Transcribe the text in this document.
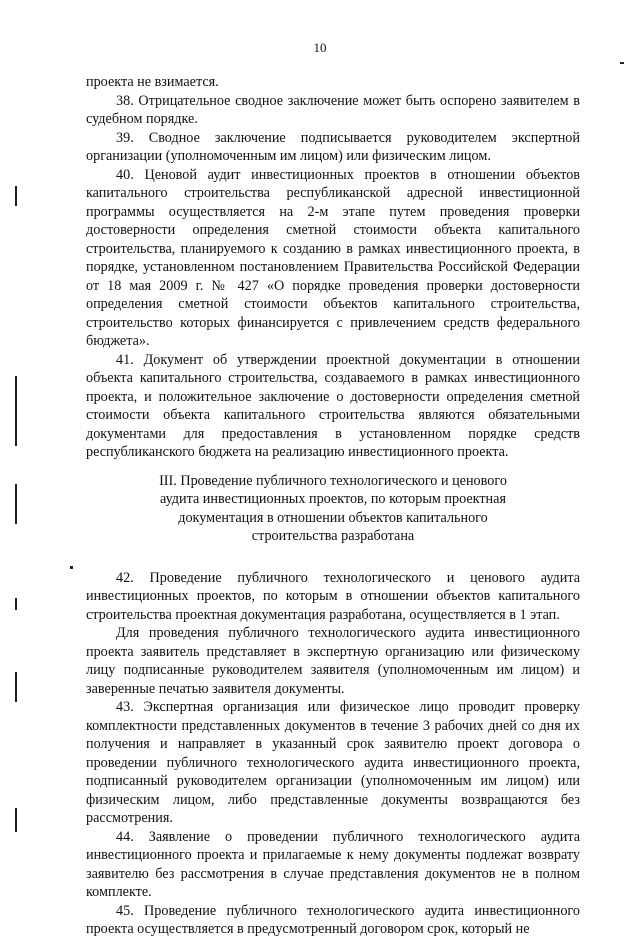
10

проекта не взимается.

38. Отрицательное сводное заключение может быть оспорено заявителем в судебном порядке.

39. Сводное заключение подписывается руководителем экспертной организации (уполномоченным им лицом) или физическим лицом.

40. Ценовой аудит инвестиционных проектов в отношении объектов капитального строительства республиканской адресной инвестиционной программы осуществляется на 2-м этапе путем проведения проверки достоверности определения сметной стоимости объекта капитального строительства, планируемого к созданию в рамках инвестиционного проекта, в порядке, установленном постановлением Правительства Российской Федерации от 18 мая 2009 г. № 427 «О порядке проведения проверки достоверности определения сметной стоимости объектов капитального строительства, строительство которых финансируется с привлечением средств федерального бюджета».

41. Документ об утверждении проектной документации в отношении объекта капитального строительства, создаваемого в рамках инвестиционного проекта, и положительное заключение о достоверности определения сметной стоимости объекта капитального строительства являются обязательными документами для предоставления в установленном порядке средств республиканского бюджета на реализацию инвестиционного проекта.

III. Проведение публичного технологического и ценового
аудита инвестиционных проектов, по которым проектная
документация в отношении объектов капитального
строительства разработана

42. Проведение публичного технологического и ценового аудита инвестиционных проектов, по которым в отношении объектов капитального строительства проектная документация разработана, осуществляется в 1 этап.

Для проведения публичного технологического аудита инвестиционного проекта заявитель представляет в экспертную организацию или физическому лицу подписанные руководителем заявителя (уполномоченным им лицом) и заверенные печатью заявителя документы.

43. Экспертная организация или физическое лицо проводит проверку комплектности представленных документов в течение 3 рабочих дней со дня их получения и направляет в указанный срок заявителю проект договора о проведении публичного технологического аудита инвестиционного проекта, подписанный руководителем организации (уполномоченным им лицом) или физическим лицом, либо представленные документы возвращаются без рассмотрения.

44. Заявление о проведении публичного технологического аудита инвестиционного проекта и прилагаемые к нему документы подлежат возврату заявителю без рассмотрения в случае представления документов не в полном комплекте.

45. Проведение публичного технологического аудита инвестиционного проекта осуществляется в предусмотренный договором срок, который не
